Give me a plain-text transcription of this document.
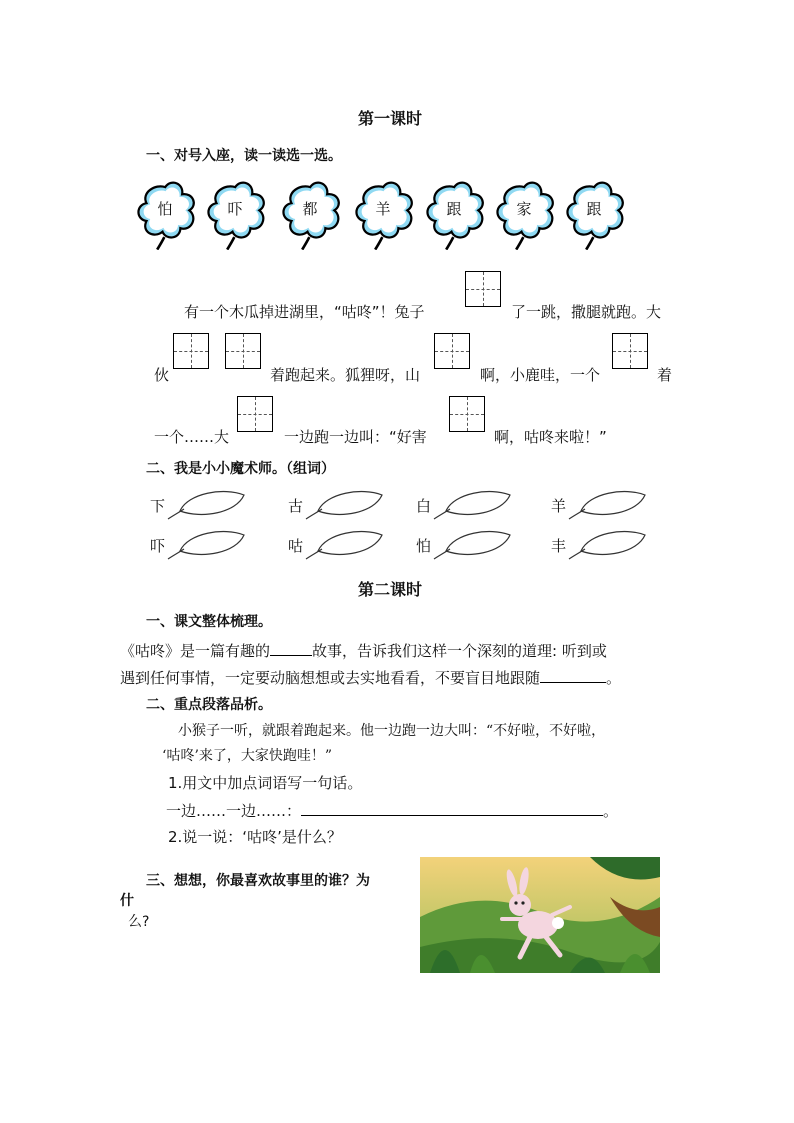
第一课时
一、对号入座，读一读选一选。
怕	吓	都	羊	跟	家	跟
有一个木瓜掉进湖里，“咕咚”！兔子	了一跳，撒腿就跑。大
伙	着跑起来。狐狸呀，山	啊，小鹿哇，一个	着
一个……大	一边跑一边叫：“好害	啊，咕咚来啦！”
二、我是小小魔术师。（组词）
下	古	白	羊
吓	咕	怕	丰
第二课时
一、课文整体梳理。
《咕咚》是一篇有趣的	故事，告诉我们这样一个深刻的道理: 听到或
遇到任何事情，一定要动脑想想或去实地看看，不要盲目地跟随	。
二、重点段落品析。
小猴子一听，就跟着跑起来。他一边跑一边大叫：“不好啦，不好啦，
‘咕咚’来了，大家快跑哇！”
1.用文中加点词语写一句话。
一边……一边……：	。
2.说一说：‘咕咚’是什么？
三、想想，你最喜欢故事里的谁？为
什
么?
